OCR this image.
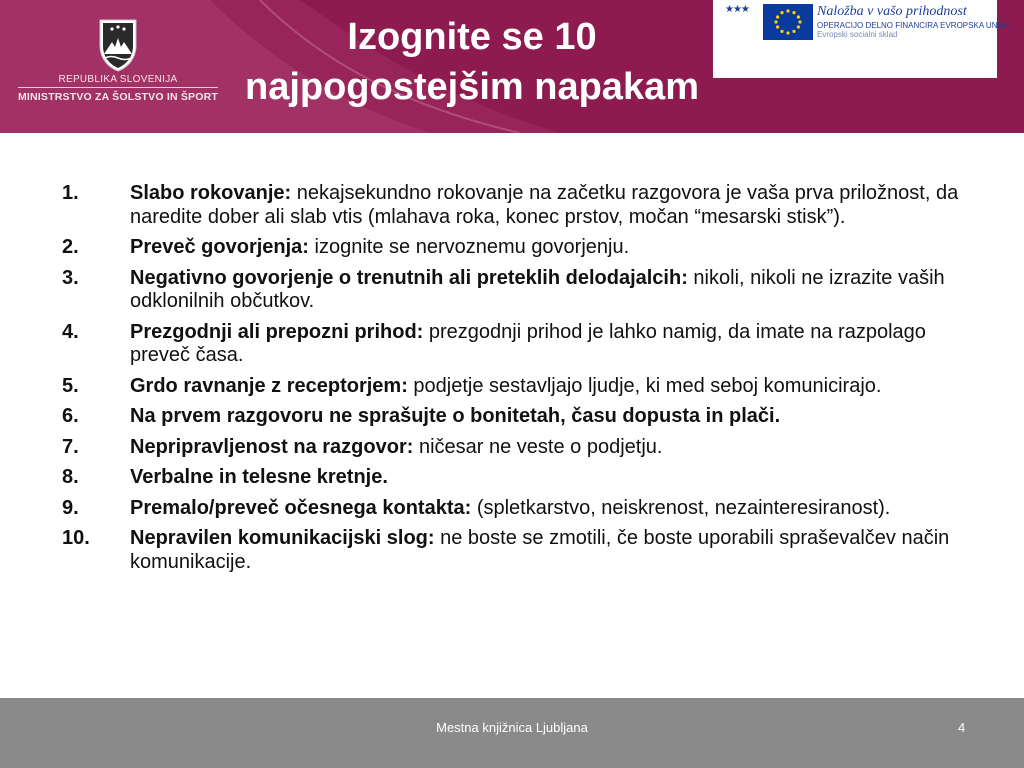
REPUBLIKA SLOVENIJA
MINISTRSTVO ZA ŠOLSTVO IN ŠPORT
Izognite se 10
najpogostejšim napakam
★★★	Naložba v vašo prihodnost
OPERACIJO DELNO FINANCIRA EVROPSKA UNIJA
Evropski socialni sklad
1.	Slabo rokovanje: nekajsekundno rokovanje na začetku razgovora je vaša prva priložnost, da naredite dober ali slab vtis (mlahava roka, konec prstov, močan “mesarski stisk”).
2.	Preveč govorjenja: izognite se nervoznemu govorjenju.
3.	Negativno govorjenje o trenutnih ali preteklih delodajalcih: nikoli, nikoli ne izrazite vaših odklonilnih občutkov.
4.	Prezgodnji ali prepozni prihod: prezgodnji prihod je lahko namig, da imate na razpolago preveč časa.
5.	Grdo ravnanje z receptorjem: podjetje sestavljajo ljudje, ki med seboj komunicirajo.
6.	Na prvem razgovoru ne sprašujte o bonitetah, času dopusta in plači.
7.	Nepripravljenost na razgovor: ničesar ne veste o podjetju.
8.	Verbalne in telesne kretnje.
9.	Premalo/preveč očesnega kontakta: (spletkarstvo, neiskrenost, nezainteresiranost).
10. Nepravilen komunikacijski slog: ne boste se zmotili, če boste uporabili spraševalčev način komunikacije.
Mestna knjižnica Ljubljana	4
